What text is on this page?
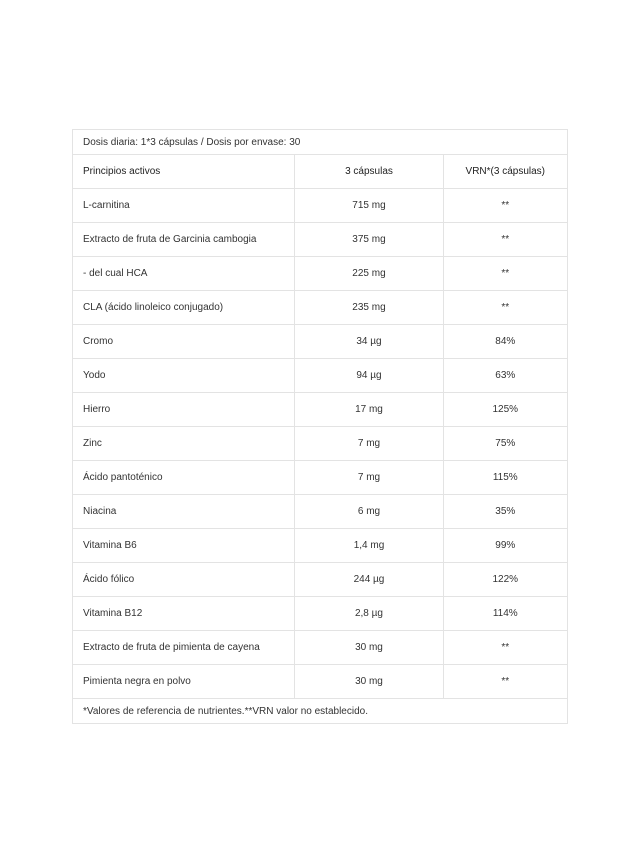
Dosis diaria: 1*3 cápsulas / Dosis por envase: 30		
Principios activos	3 cápsulas	VRN*(3 cápsulas)
L-carnitina	715 mg	**
Extracto de fruta de Garcinia cambogia	375 mg	**
- del cual HCA	225 mg	**
CLA (ácido linoleico conjugado)	235 mg	**
Cromo	34 µg	84%
Yodo	94 µg	63%
Hierro	17 mg	125%
Zinc	7 mg	75%
Ácido pantoténico	7 mg	115%
Niacina	6 mg	35%
Vitamina B6	1,4 mg	99%
Ácido fólico	244 µg	122%
Vitamina B12	2,8 µg	114%
Extracto de fruta de pimienta de cayena	30 mg	**
Pimienta negra en polvo	30 mg	**
*Valores de referencia de nutrientes.**VRN valor no establecido.		
